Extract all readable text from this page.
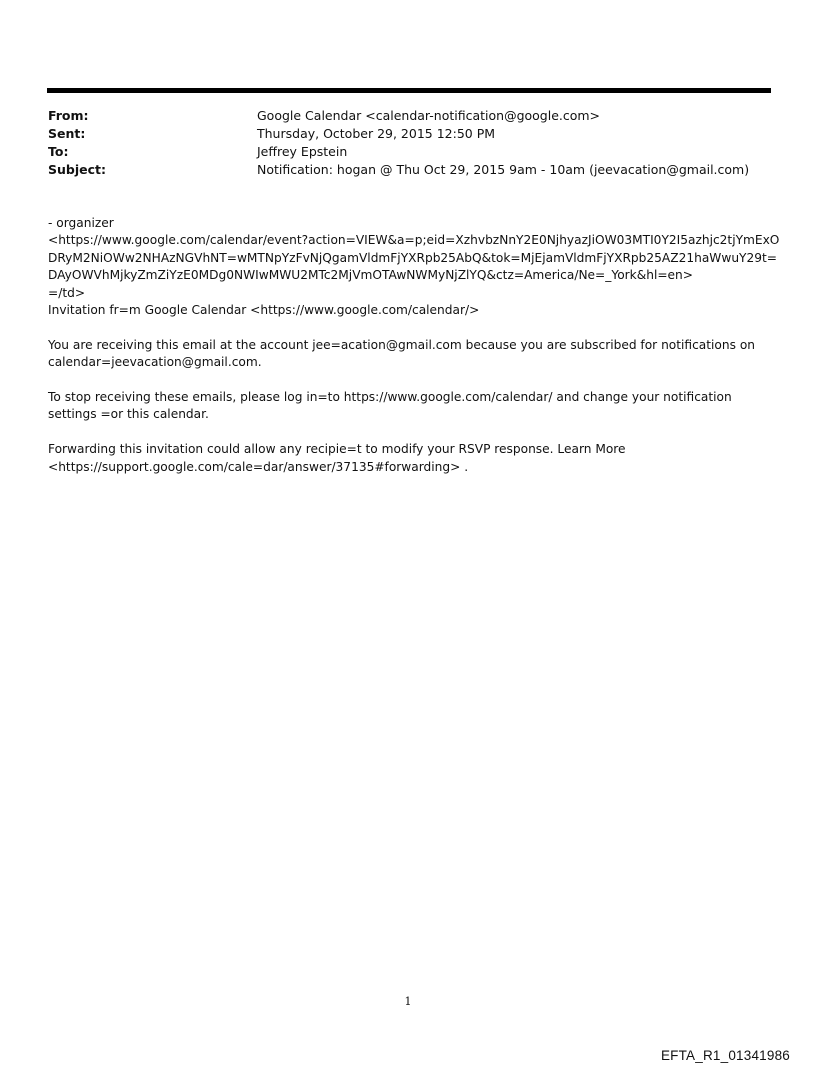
From:	Google Calendar <calendar-notification@google.com>
Sent:	Thursday, October 29, 2015 12:50 PM
To:	Jeffrey Epstein
Subject:	Notification: hogan @ Thu Oct 29, 2015 9am - 10am (jeevacation@gmail.com)
- organizer
<https://www.google.com/calendar/event?action=VIEW&a=p;eid=XzhvbzNnY2E0NjhyazJiOW03MTI0Y2I5azhjc2tjYmExO
DRyM2NiOWw2NHAzNGVhNT=wMTNpYzFvNjQgamVldmFjYXRpb25AbQ&tok=MjEjamVldmFjYXRpb25AZ21haWwuY29t=
DAyOWVhMjkyZmZiYzE0MDg0NWIwMWU2MTc2MjVmOTAwNWMyNjZlYQ&ctz=America/Ne=_York&hl=en>
=/td>
Invitation fr=m Google Calendar <https://www.google.com/calendar/>
You are receiving this email at the account jee=acation@gmail.com because you are subscribed for notifications on
calendar=jeevacation@gmail.com.
To stop receiving these emails, please log in=to https://www.google.com/calendar/ and change your notification
settings =or this calendar.
Forwarding this invitation could allow any recipie=t to modify your RSVP response. Learn More
<https://support.google.com/cale=dar/answer/37135#forwarding> .
1
EFTA_R1_01341986
